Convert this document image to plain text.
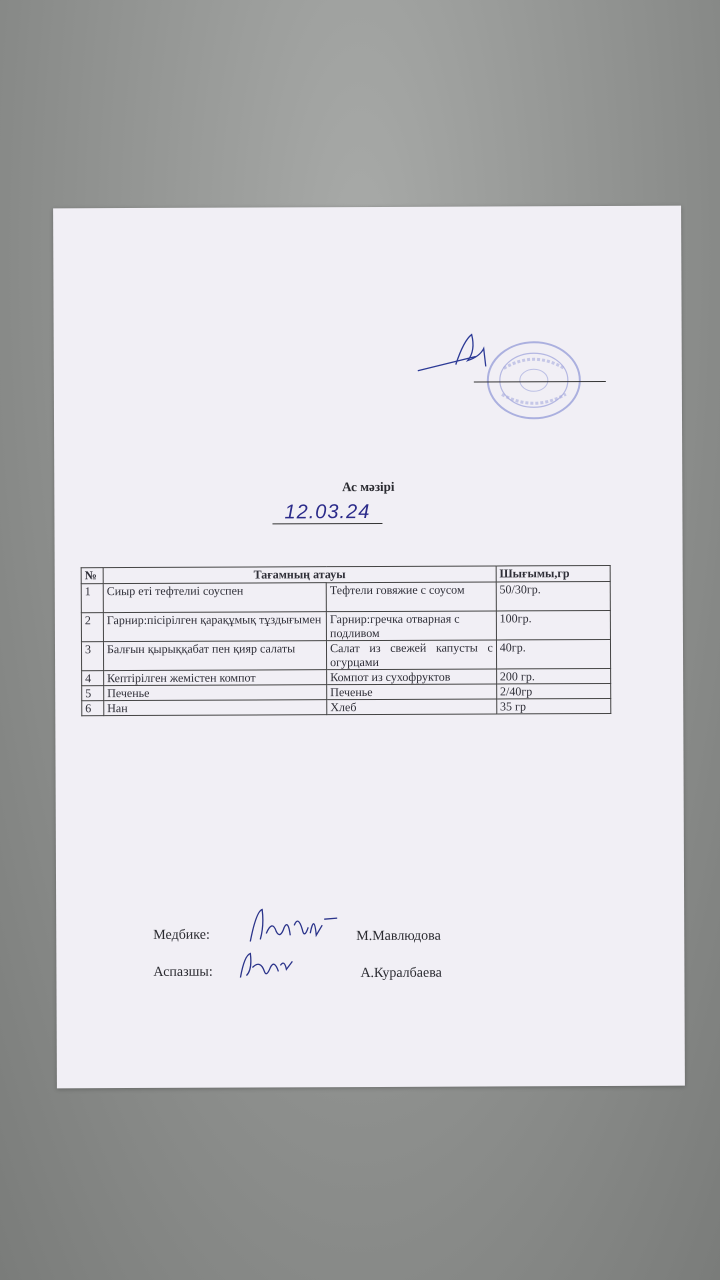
Ас мәзірі
12.03.24
№	Тағамның атауы		Шығымы,гр
1	Сиыр еті тефтелиі соуспен	Тефтели говяжие с соусом	50/30гр.
2	Гарнир:пісірілген қарақұмық тұздығымен	Гарнир:гречка отварная с подливом	100гр.
3	Балғын қырыққабат пен қияр салаты	Салат из свежей капусты с огурцами	40гр.
4	Кептірілген жемістен компот	Компот из сухофруктов	200 гр.
5	Печенье	Печенье	2/40гр
6	Нан	Хлеб	35 гр
Медбике:	М.Мавлюдова
Аспазшы:	А.Куралбаева
